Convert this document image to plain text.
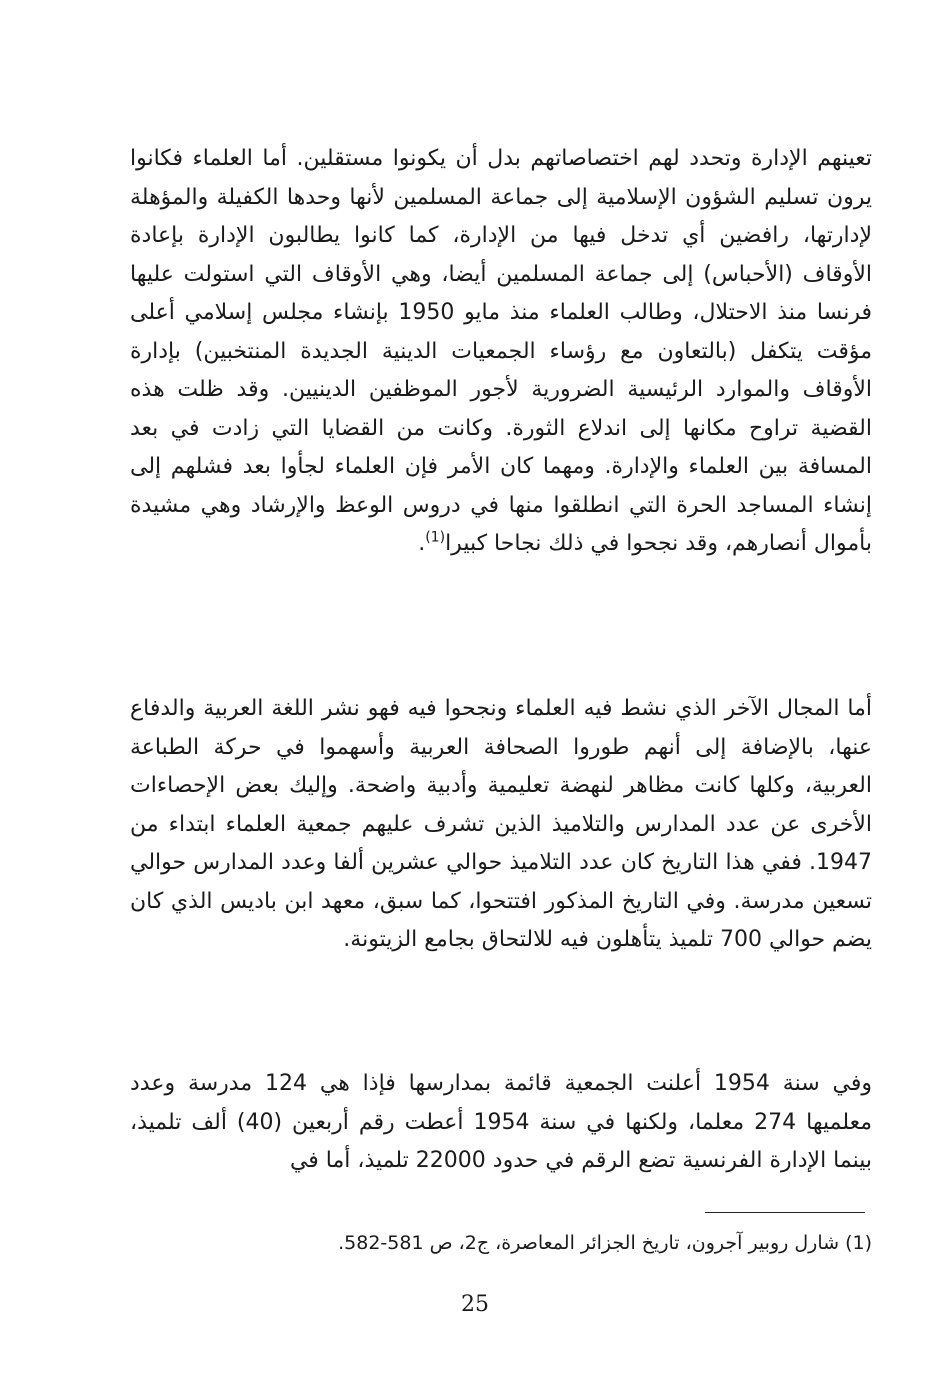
تعينهم الإدارة وتحدد لهم اختصاصاتهم بدل أن يكونوا مستقلين. أما العلماء فكانوا يرون تسليم الشؤون الإسلامية إلى جماعة المسلمين لأنها وحدها الكفيلة والمؤهلة لإدارتها، رافضين أي تدخل فيها من الإدارة، كما كانوا يطالبون الإدارة بإعادة الأوقاف (الأحباس) إلى جماعة المسلمين أيضا، وهي الأوقاف التي استولت عليها فرنسا منذ الاحتلال، وطالب العلماء منذ مايو 1950 بإنشاء مجلس إسلامي أعلى مؤقت يتكفل (بالتعاون مع رؤساء الجمعيات الدينية الجديدة المنتخبين) بإدارة الأوقاف والموارد الرئيسية الضرورية لأجور الموظفين الدينيين. وقد ظلت هذه القضية تراوح مكانها إلى اندلاع الثورة. وكانت من القضايا التي زادت في بعد المسافة بين العلماء والإدارة. ومهما كان الأمر فإن العلماء لجأوا بعد فشلهم إلى إنشاء المساجد الحرة التي انطلقوا منها في دروس الوعظ والإرشاد وهي مشيدة بأموال أنصارهم، وقد نجحوا في ذلك نجاحا كبيرا$^{(1)}$.

أما المجال الآخر الذي نشط فيه العلماء ونجحوا فيه فهو نشر اللغة العربية والدفاع عنها، بالإضافة إلى أنهم طوروا الصحافة العربية وأسهموا في حركة الطباعة العربية، وكلها كانت مظاهر لنهضة تعليمية وأدبية واضحة. وإليك بعض الإحصاءات الأخرى عن عدد المدارس والتلاميذ الذين تشرف عليهم جمعية العلماء ابتداء من 1947. ففي هذا التاريخ كان عدد التلاميذ حوالي عشرين ألفا وعدد المدارس حوالي تسعين مدرسة. وفي التاريخ المذكور افتتحوا، كما سبق، معهد ابن باديس الذي كان يضم حوالي 700 تلميذ يتأهلون فيه للالتحاق بجامع الزيتونة.

وفي سنة 1954 أعلنت الجمعية قائمة بمدارسها فإذا هي 124 مدرسة وعدد معلميها 274 معلما، ولكنها في سنة 1954 أعطت رقم أربعين (40) ألف تلميذ، بينما الإدارة الفرنسية تضع الرقم في حدود 22000 تلميذ، أما في

(1) شارل روبير آجرون، تاريخ الجزائر المعاصرة، ج2، ص 581-582.
25
